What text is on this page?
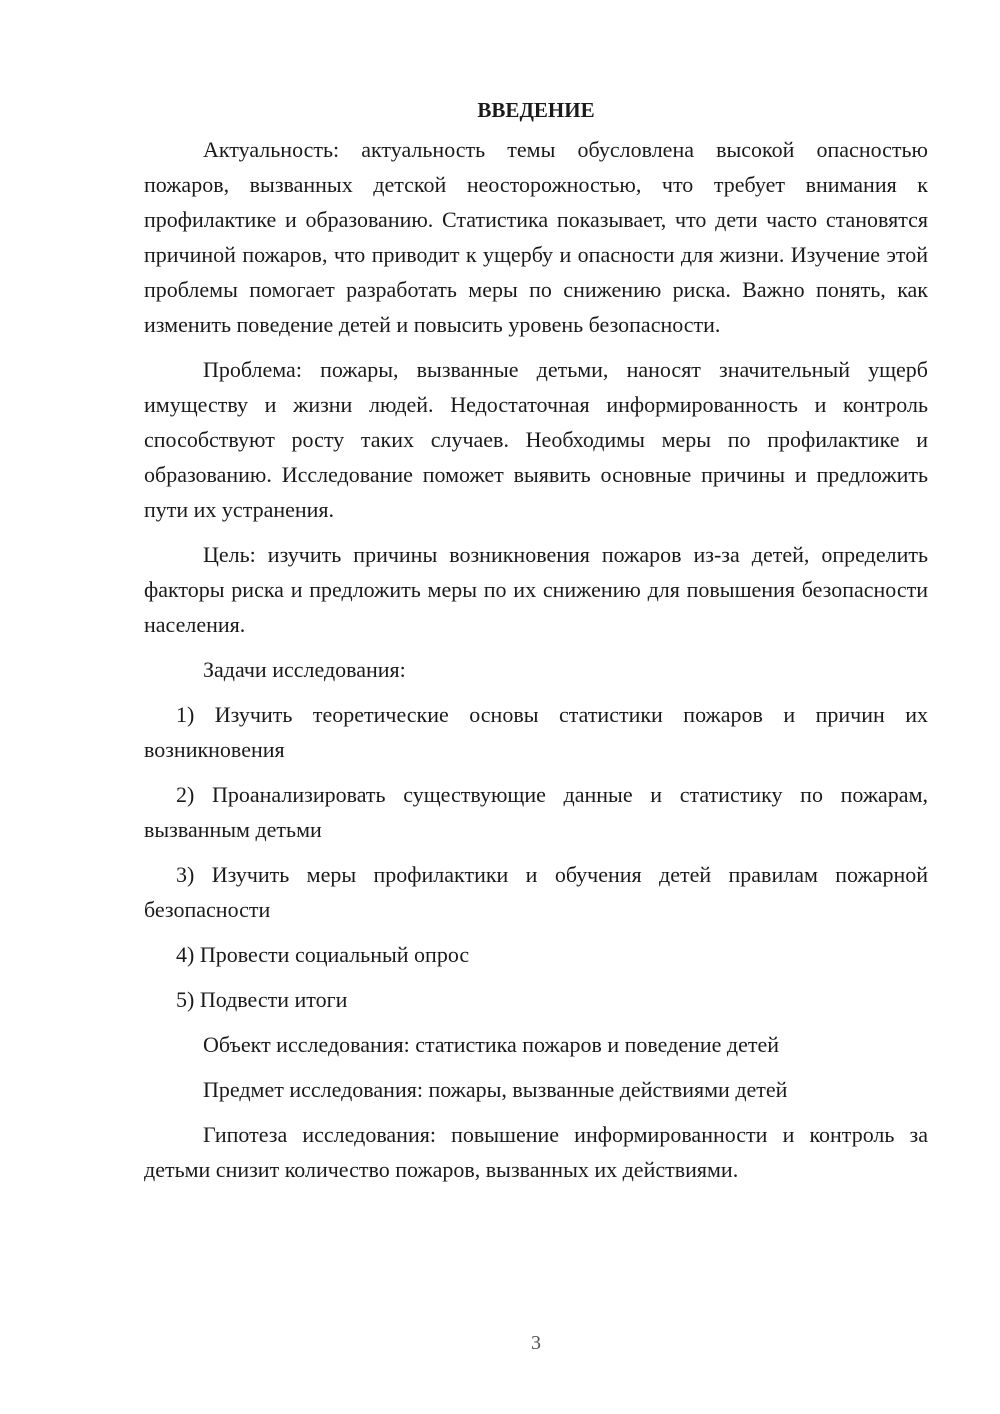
ВВЕДЕНИЕ

Актуальность: актуальность темы обусловлена высокой опасностью пожаров, вызванных детской неосторожностью, что требует внимания к профилактике и образованию. Статистика показывает, что дети часто становятся причиной пожаров, что приводит к ущербу и опасности для жизни. Изучение этой проблемы помогает разработать меры по снижению риска. Важно понять, как изменить поведение детей и повысить уровень безопасности.

Проблема: пожары, вызванные детьми, наносят значительный ущерб имуществу и жизни людей. Недостаточная информированность и контроль способствуют росту таких случаев. Необходимы меры по профилактике и образованию. Исследование поможет выявить основные причины и предложить пути их устранения.

Цель: изучить причины возникновения пожаров из-за детей, определить факторы риска и предложить меры по их снижению для повышения безопасности населения.

Задачи исследования:

1) Изучить теоретические основы статистики пожаров и причин их возникновения

2) Проанализировать существующие данные и статистику по пожарам, вызванным детьми

3) Изучить меры профилактики и обучения детей правилам пожарной безопасности

4) Провести социальный опрос

5) Подвести итоги

Объект исследования: статистика пожаров и поведение детей

Предмет исследования: пожары, вызванные действиями детей

Гипотеза исследования: повышение информированности и контроль за детьми снизит количество пожаров, вызванных их действиями.

3
